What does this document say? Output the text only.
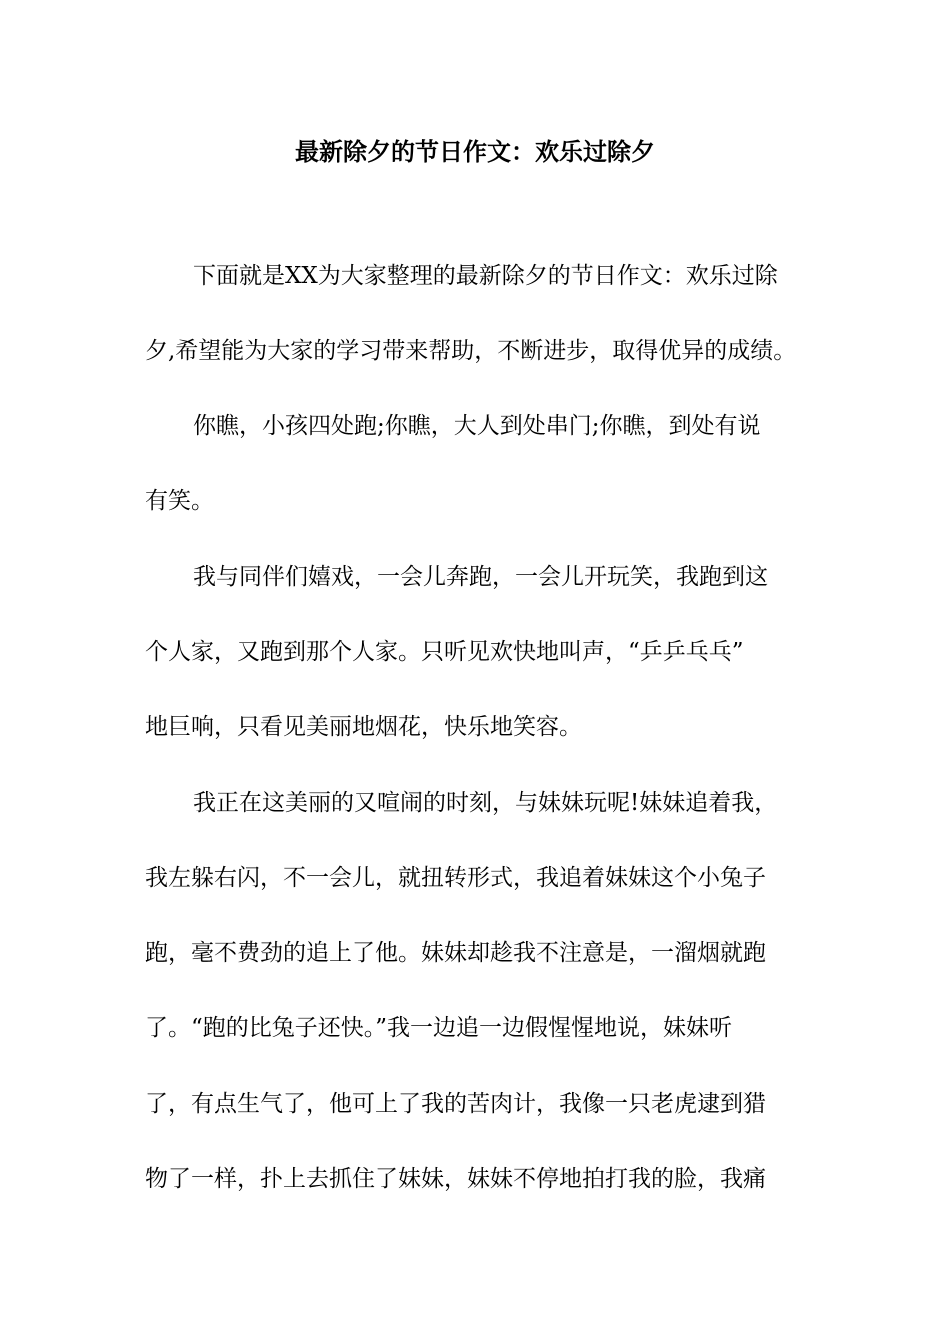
最新除夕的节日作文：欢乐过除夕

下面就是XX为大家整理的最新除夕的节日作文：欢乐过除

夕,希望能为大家的学习带来帮助，不断进步，取得优异的成绩。

你瞧，小孩四处跑;你瞧，大人到处串门;你瞧，到处有说

有笑。

我与同伴们嬉戏，一会儿奔跑，一会儿开玩笑，我跑到这

个人家，又跑到那个人家。只听见欢快地叫声，“乒乒乓乓”

地巨响，只看见美丽地烟花，快乐地笑容。

我正在这美丽的又喧闹的时刻，与妹妹玩呢!妹妹追着我，

我左躲右闪，不一会儿，就扭转形式，我追着妹妹这个小兔子

跑，毫不费劲的追上了他。妹妹却趁我不注意是，一溜烟就跑

了。“跑的比兔子还快。”我一边追一边假惺惺地说，妹妹听

了，有点生气了，他可上了我的苦肉计，我像一只老虎逮到猎

物了一样，扑上去抓住了妹妹，妹妹不停地拍打我的脸，我痛
